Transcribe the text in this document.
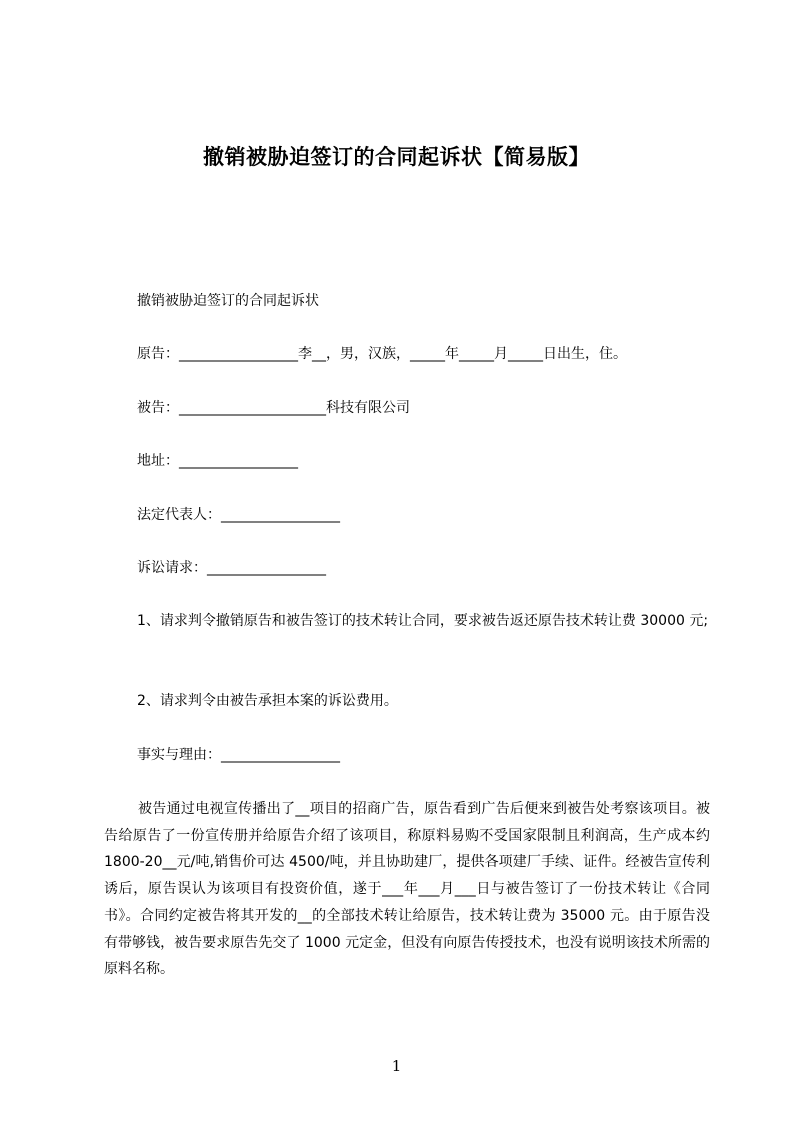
撤销被胁迫签订的合同起诉状【简易版】
撤销被胁迫签订的合同起诉状
原告：_________________李__，男，汉族，_____年_____月_____日出生，住。
被告：_____________________科技有限公司
地址：_________________
法定代表人：_________________
诉讼请求：_________________
1、请求判令撤销原告和被告签订的技术转让合同，要求被告返还原告技术转让费 30000 元;
2、请求判令由被告承担本案的诉讼费用。
事实与理由：_________________
被告通过电视宣传播出了__项目的招商广告，原告看到广告后便来到被告处考察该项目。被告给原告了一份宣传册并给原告介绍了该项目，称原料易购不受国家限制且利润高，生产成本约 1800-20__元/吨,销售价可达 4500/吨，并且协助建厂，提供各项建厂手续、证件。经被告宣传利诱后，原告误认为该项目有投资价值，遂于___年___月___日与被告签订了一份技术转让《合同书》。合同约定被告将其开发的__的全部技术转让给原告，技术转让费为 35000 元。由于原告没有带够钱，被告要求原告先交了 1000 元定金，但没有向原告传授技术，也没有说明该技术所需的原料名称。
1
